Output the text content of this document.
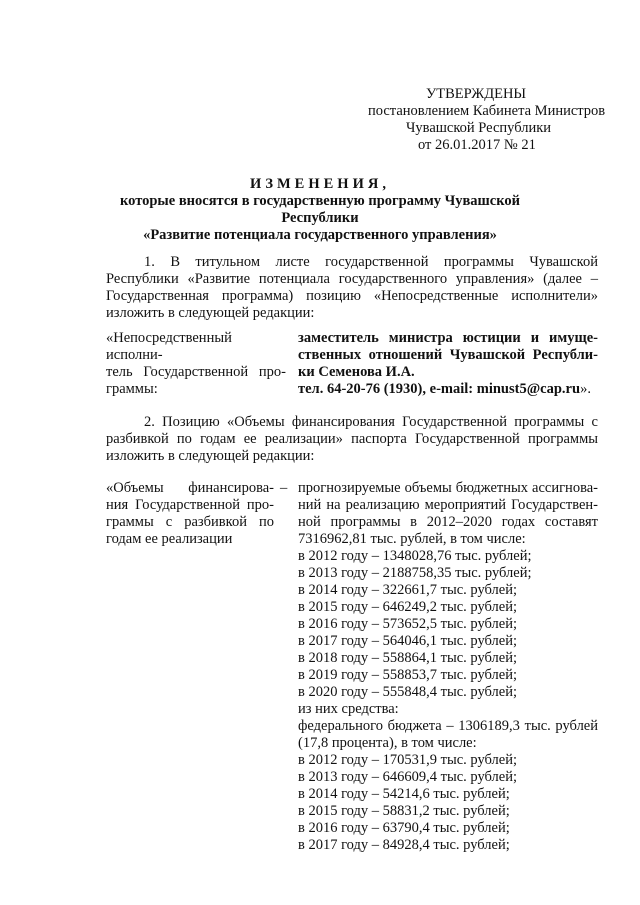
УТВЕРЖДЕНЫ
постановлением Кабинета Министров
Чувашской Республики
от 26.01.2017 № 21
ИЗМЕНЕНИЯ,
которые вносятся в государственную программу Чувашской Республики
«Развитие потенциала государственного управления»
1. В титульном листе государственной программы Чувашской Республики «Развитие потенциала государственного управления» (далее – Государственная программа) позицию «Непосредственные исполнители» изложить в следующей редакции:
«Непосредственный исполни-
тель Государственной про-
граммы:
заместитель министра юстиции и имуще-
ственных отношений Чувашской Республи-
ки Семенова И.А.
тел. 64-20-76 (1930), e-mail: minust5@cap.ru».
2. Позицию «Объемы финансирования Государственной программы с разбивкой по годам ее реализации» паспорта Государственной программы изложить в следующей редакции:
«Объемы финансирова-
ния Государственной про-
граммы с разбивкой по
годам ее реализации
– прогнозируемые объемы бюджетных ассигнова-
ний на реализацию мероприятий Государствен-
ной программы в 2012–2020 годах составят
7316962,81 тыс. рублей, в том числе:
в 2012 году – 1348028,76 тыс. рублей;
в 2013 году – 2188758,35 тыс. рублей;
в 2014 году – 322661,7 тыс. рублей;
в 2015 году – 646249,2 тыс. рублей;
в 2016 году – 573652,5 тыс. рублей;
в 2017 году – 564046,1 тыс. рублей;
в 2018 году – 558864,1 тыс. рублей;
в 2019 году – 558853,7 тыс. рублей;
в 2020 году – 555848,4 тыс. рублей;
из них средства:
федерального бюджета – 1306189,3 тыс. рублей
(17,8 процента), в том числе:
в 2012 году – 170531,9 тыс. рублей;
в 2013 году – 646609,4 тыс. рублей;
в 2014 году – 54214,6 тыс. рублей;
в 2015 году – 58831,2 тыс. рублей;
в 2016 году – 63790,4 тыс. рублей;
в 2017 году – 84928,4 тыс. рублей;
